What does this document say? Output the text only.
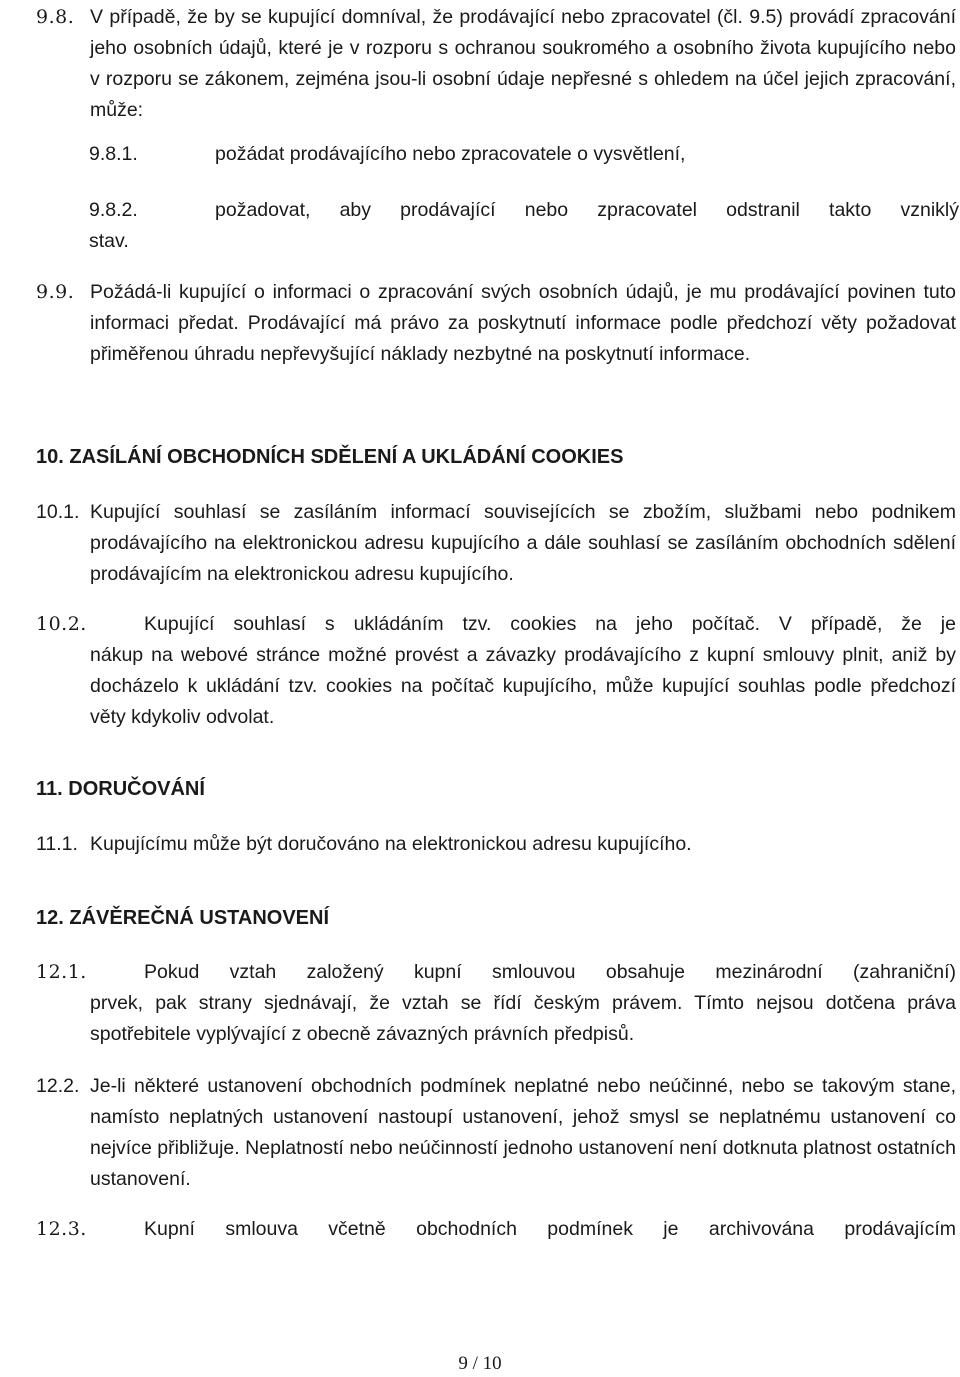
9.8. V případě, že by se kupující domníval, že prodávající nebo zpracovatel (čl. 9.5) provádí zpracování jeho osobních údajů, které je v rozporu s ochranou soukromého a osobního života kupujícího nebo v rozporu se zákonem, zejména jsou-li osobní údaje nepřesné s ohledem na účel jejich zpracování, může:
9.8.1.	požádat prodávajícího nebo zpracovatele o vysvětlení,
9.8.2.	požadovat, aby prodávající nebo zpracovatel odstranil takto vzniklý
stav.
9.9. Požádá-li kupující o informaci o zpracování svých osobních údajů, je mu prodávající povinen tuto informaci předat. Prodávající má právo za poskytnutí informace podle předchozí věty požadovat přiměřenou úhradu nepřevyšující náklady nezbytné na poskytnutí informace.
10. ZASÍLÁNÍ OBCHODNÍCH SDĚLENÍ A UKLÁDÁNÍ COOKIES
10.1. Kupující souhlasí se zasíláním informací souvisejících se zbožím, službami nebo podnikem prodávajícího na elektronickou adresu kupujícího a dále souhlasí se zasíláním obchodních sdělení prodávajícím na elektronickou adresu kupujícího.
10.2.	Kupující souhlasí s ukládáním tzv. cookies na jeho počítač. V případě, že je
nákup na webové stránce možné provést a závazky prodávajícího z kupní smlouvy plnit, aniž by docházelo k ukládání tzv. cookies na počítač kupujícího, může kupující souhlas podle předchozí věty kdykoliv odvolat.
11. DORUČOVÁNÍ
11.1. Kupujícímu může být doručováno na elektronickou adresu kupujícího.
12. ZÁVĚREČNÁ USTANOVENÍ
12.1.	Pokud vztah založený kupní smlouvou obsahuje mezinárodní (zahraniční)
prvek, pak strany sjednávají, že vztah se řídí českým právem. Tímto nejsou dotčena práva spotřebitele vyplývající z obecně závazných právních předpisů.
12.2. Je-li některé ustanovení obchodních podmínek neplatné nebo neúčinné, nebo se takovým stane, namísto neplatných ustanovení nastoupí ustanovení, jehož smysl se neplatnému ustanovení co nejvíce přibližuje. Neplatností nebo neúčinností jednoho ustanovení není dotknuta platnost ostatních ustanovení.
12.3.	Kupní smlouva včetně obchodních podmínek je archivována prodávajícím
9 / 10
